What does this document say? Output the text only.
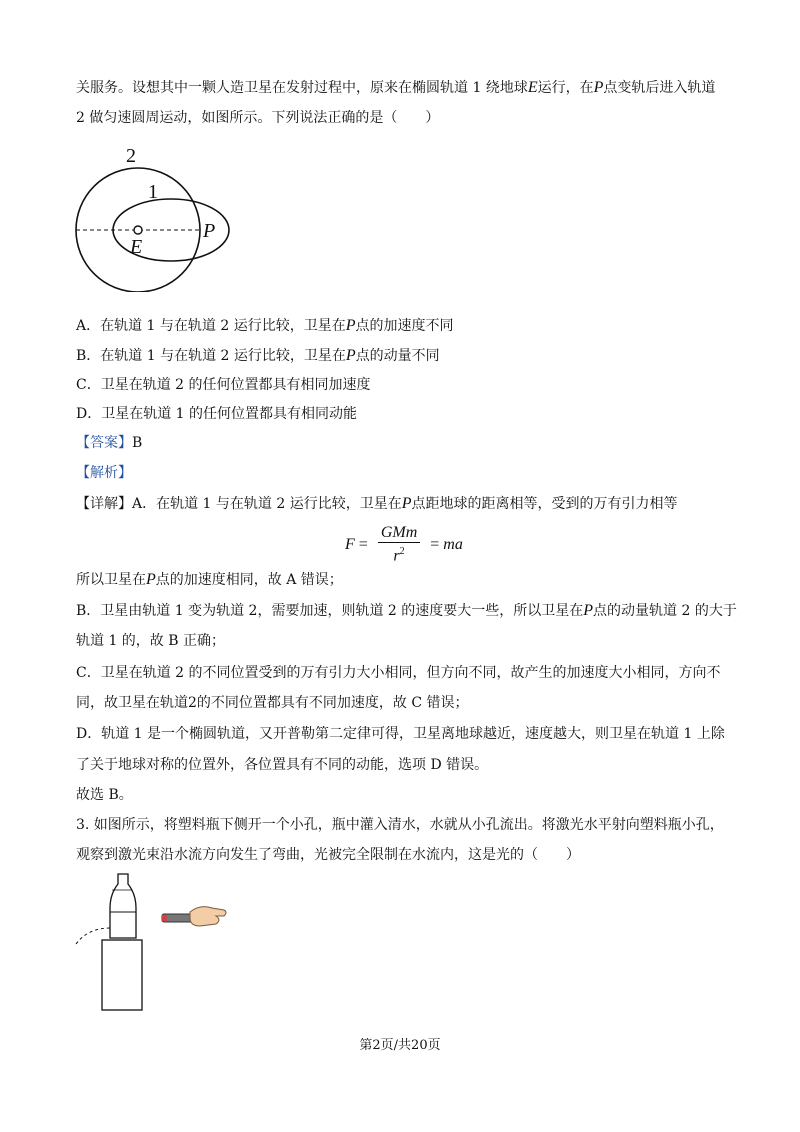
关服务。设想其中一颗人造卫星在发射过程中，原来在椭圆轨道 1 绕地球E运行，在P点变轨后进入轨道
2 做匀速圆周运动，如图所示。下列说法正确的是（　　）
2
1
E
P
A．在轨道 1 与在轨道 2 运行比较，卫星在P点的加速度不同
B．在轨道 1 与在轨道 2 运行比较，卫星在P点的动量不同
C．卫星在轨道 2 的任何位置都具有相同加速度
D．卫星在轨道 1 的任何位置都具有相同动能
【答案】B
【解析】
【详解】A．在轨道 1 与在轨道 2 运行比较，卫星在P点距地球的距离相等，受到的万有引力相等
$F = \frac{\text{GMm}}{r^2}$ = ma
所以卫星在P点的加速度相同，故 A 错误；
B．卫星由轨道 1 变为轨道 2，需要加速，则轨道 2 的速度要大一些，所以卫星在P点的动量轨道 2 的大于
轨道 1 的，故 B 正确；
C．卫星在轨道 2 的不同位置受到的万有引力大小相同，但方向不同，故产生的加速度大小相同，方向不
同，故卫星在轨道2的不同位置都具有不同加速度，故 C 错误；
D．轨道 1 是一个椭圆轨道，又开普勒第二定律可得，卫星离地球越近，速度越大，则卫星在轨道 1 上除
了关于地球对称的位置外，各位置具有不同的动能，选项 D 错误。
故选 B。
3. 如图所示，将塑料瓶下侧开一个小孔，瓶中灌入清水，水就从小孔流出。将激光水平射向塑料瓶小孔，
观察到激光束沿水流方向发生了弯曲，光被完全限制在水流内，这是光的（　　）
第2页/共20页
